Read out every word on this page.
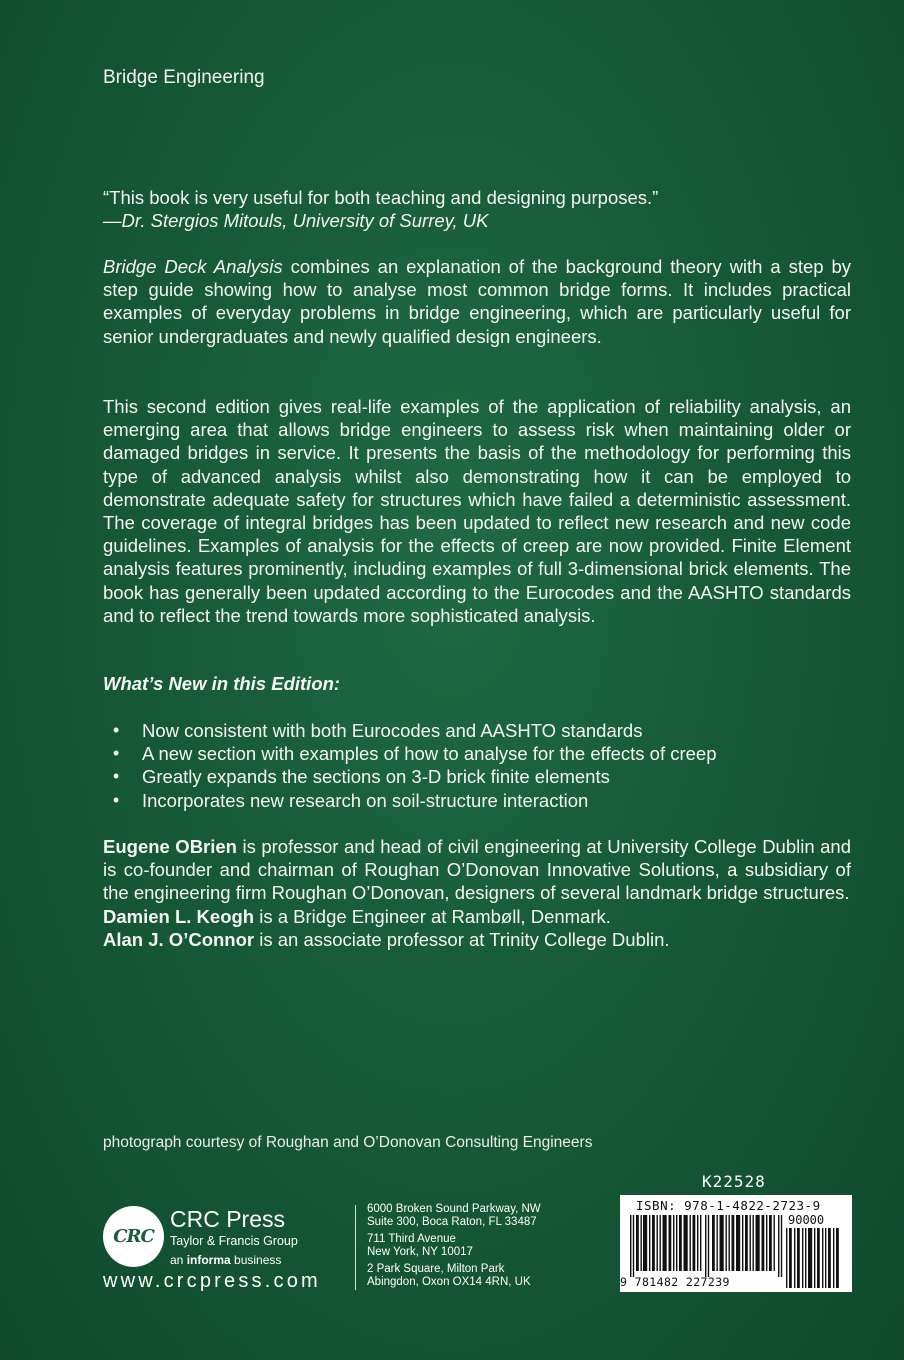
Bridge Engineering
“This book is very useful for both teaching and designing purposes.”
—Dr. Stergios Mitouls, University of Surrey, UK
Bridge Deck Analysis combines an explanation of the background theory with a step by step guide showing how to analyse most common bridge forms. It includes practical examples of everyday problems in bridge engineering, which are particularly useful for senior undergraduates and newly qualified design engineers.
This second edition gives real-life examples of the application of reliability analysis, an emerging area that allows bridge engineers to assess risk when maintaining older or damaged bridges in service. It presents the basis of the methodology for performing this type of advanced analysis whilst also demonstrating how it can be employed to demonstrate adequate safety for structures which have failed a deterministic assessment. The coverage of integral bridges has been updated to reflect new research and new code guidelines. Examples of analysis for the effects of creep are now provided. Finite Element analysis features prominently, including examples of full 3-dimensional brick elements. The book has generally been updated according to the Eurocodes and the AASHTO standards and to reflect the trend towards more sophisticated analysis.
What’s New in this Edition:
• Now consistent with both Eurocodes and AASHTO standards
• A new section with examples of how to analyse for the effects of creep
• Greatly expands the sections on 3-D brick finite elements
• Incorporates new research on soil-structure interaction
Eugene OBrien is professor and head of civil engineering at University College Dublin and is co-founder and chairman of Roughan O’Donovan Innovative Solutions, a subsidiary of the engineering firm Roughan O’Donovan, designers of several landmark bridge structures.
Damien L. Keogh is a Bridge Engineer at Rambøll, Denmark.
Alan J. O’Connor is an associate professor at Trinity College Dublin.
photograph courtesy of Roughan and O’Donovan Consulting Engineers
CRC
CRC Press
Taylor & Francis Group
an informa business
www.crcpress.com
6000 Broken Sound Parkway, NW
Suite 300, Boca Raton, FL 33487
711 Third Avenue
New York, NY 10017
2 Park Square, Milton Park
Abingdon, Oxon OX14 4RN, UK
K22528
ISBN: 978-1-4822-2723-9
90000
9 781482 227239
